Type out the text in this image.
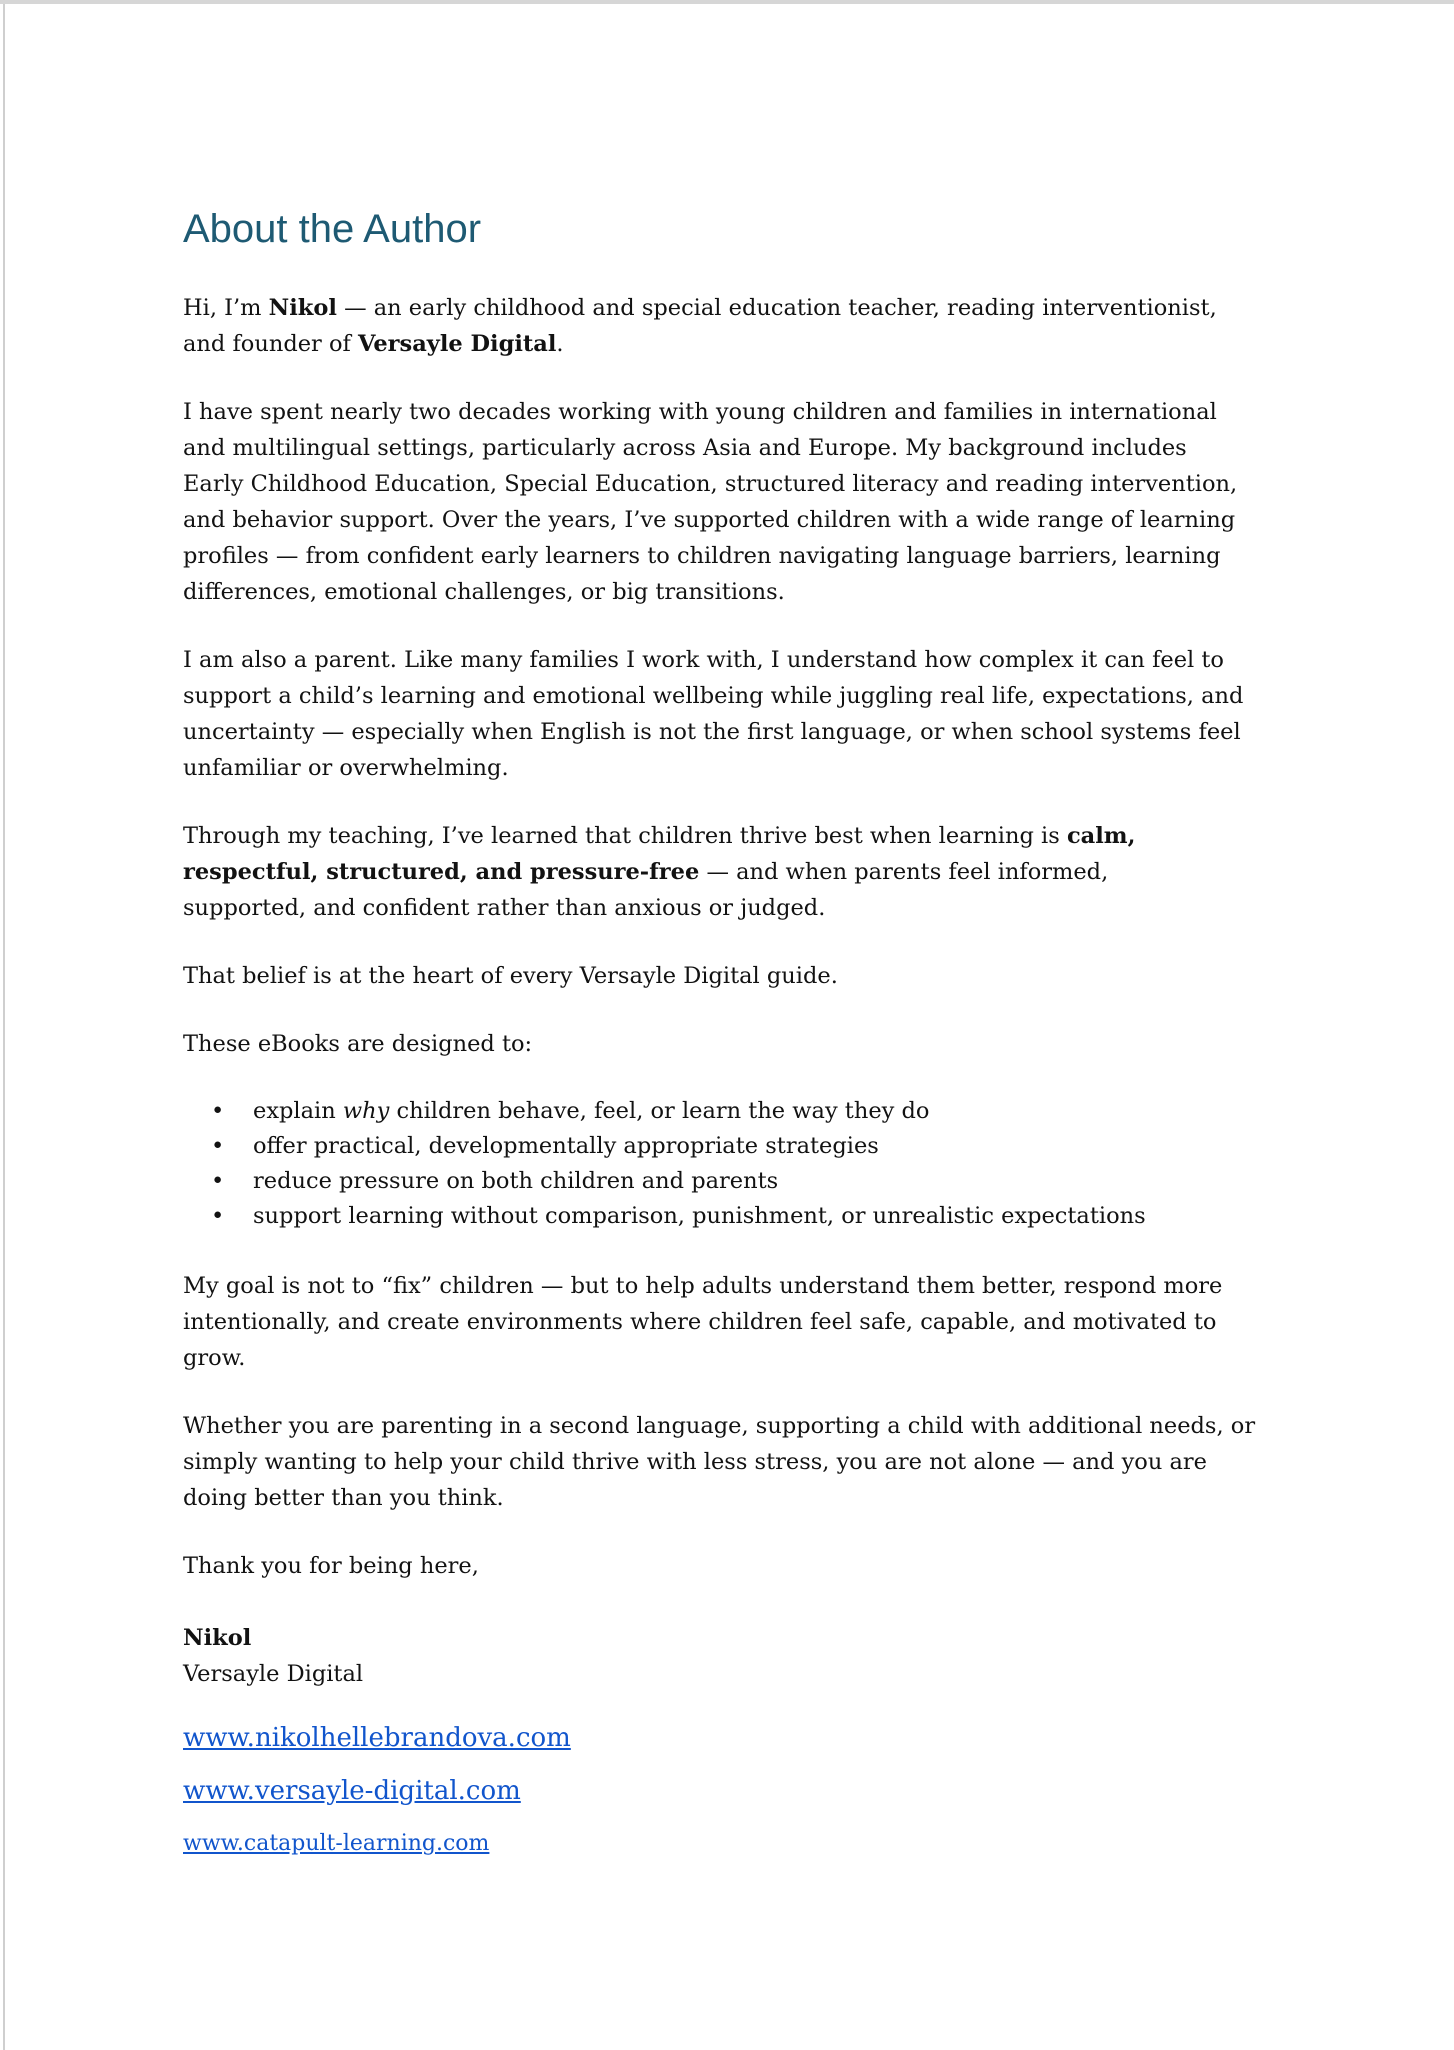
About the Author
Hi, I’m Nikol — an early childhood and special education teacher, reading interventionist,
and founder of Versayle Digital.
I have spent nearly two decades working with young children and families in international
and multilingual settings, particularly across Asia and Europe. My background includes
Early Childhood Education, Special Education, structured literacy and reading intervention,
and behavior support. Over the years, I’ve supported children with a wide range of learning
profiles — from confident early learners to children navigating language barriers, learning
differences, emotional challenges, or big transitions.
I am also a parent. Like many families I work with, I understand how complex it can feel to
support a child’s learning and emotional wellbeing while juggling real life, expectations, and
uncertainty — especially when English is not the first language, or when school systems feel
unfamiliar or overwhelming.
Through my teaching, I’ve learned that children thrive best when learning is calm,
respectful, structured, and pressure-free — and when parents feel informed,
supported, and confident rather than anxious or judged.
That belief is at the heart of every Versayle Digital guide.
These eBooks are designed to:
• explain why children behave, feel, or learn the way they do
• offer practical, developmentally appropriate strategies
• reduce pressure on both children and parents
• support learning without comparison, punishment, or unrealistic expectations
My goal is not to “fix” children — but to help adults understand them better, respond more
intentionally, and create environments where children feel safe, capable, and motivated to
grow.
Whether you are parenting in a second language, supporting a child with additional needs, or
simply wanting to help your child thrive with less stress, you are not alone — and you are
doing better than you think.
Thank you for being here,
Nikol
Versayle Digital
www.nikolhellebrandova.com
www.versayle-digital.com
www.catapult-learning.com
